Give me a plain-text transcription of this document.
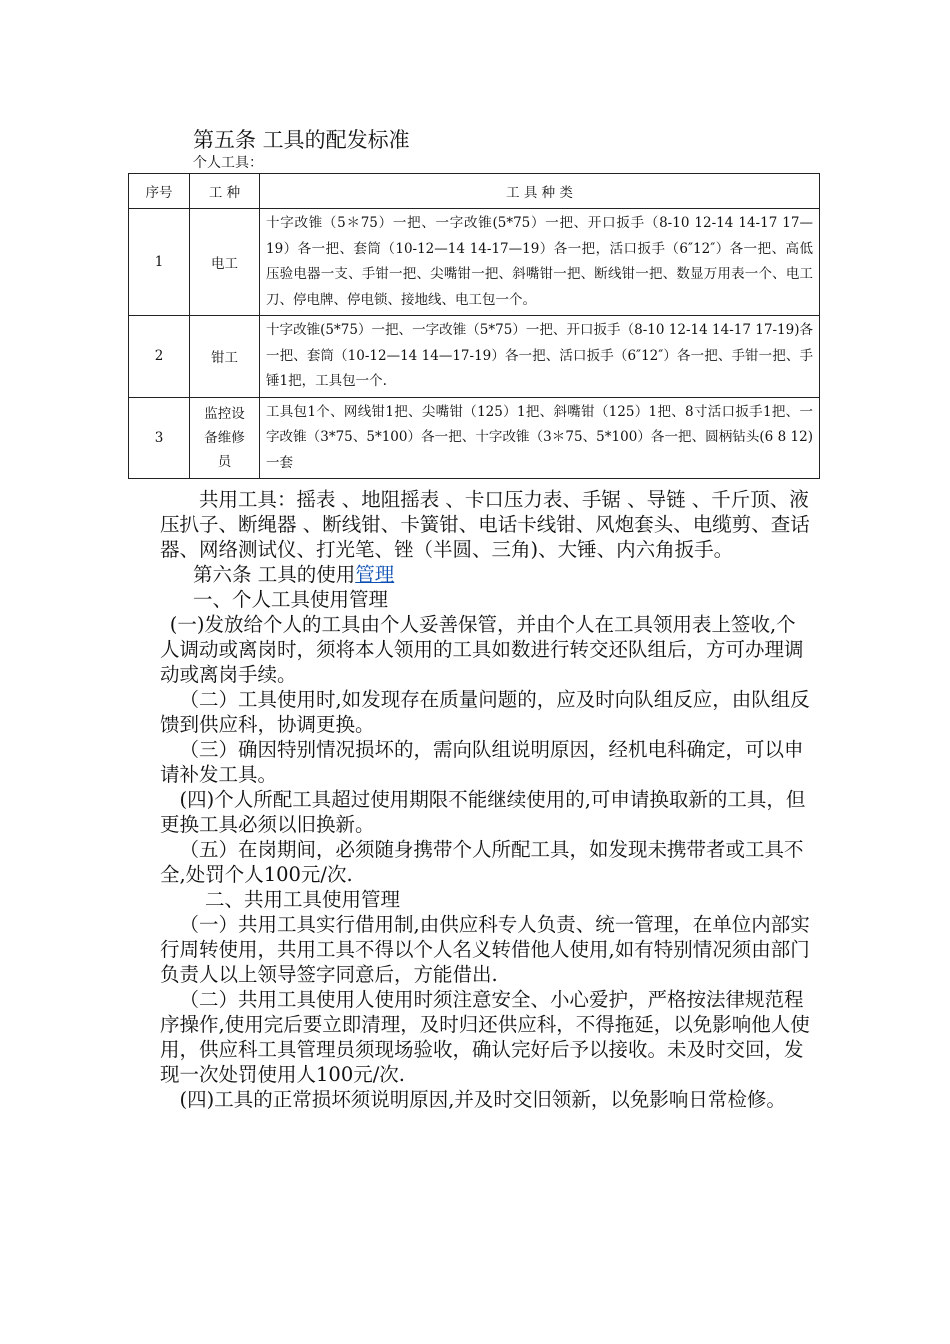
第五条 工具的配发标准
个人工具：
序号	工 种	工 具 种 类
1	电工	十字改锥（5＊75）一把、一字改锥(5*75）一把、开口扳手（8-10 12-14 14-17 17—19）各一把、套筒（10-12—14 14-17—19）各一把，活口扳手（6″12″）各一把、高低压验电器一支、手钳一把、尖嘴钳一把、斜嘴钳一把、断线钳一把、数显万用表一个、电工刀、停电牌、停电锁、接地线、电工包一个。
2	钳工	十字改锥(5*75）一把、一字改锥（5*75）一把、开口扳手（8-10 12-14 14-17 17-19)各一把、套筒（10-12—14 14—17-19）各一把、活口扳手（6″12″）各一把、手钳一把、手锤1把，工具包一个.
3	监控设备维修员	工具包1个、网线钳1把、尖嘴钳（125）1把、斜嘴钳（125）1把、8寸活口扳手1把、一字改锥（3*75、5*100）各一把、十字改锥（3＊75、5*100）各一把、圆柄钻头(6 8 12)一套

共用工具：摇表 、地阻摇表 、卡口压力表、手锯 、导链 、千斤顶、液压扒子、断绳器 、断线钳、卡簧钳、电话卡线钳、风炮套头、电缆剪、查话器、网络测试仪、打光笔、锉（半圆、三角)、大锤、内六角扳手。

第六条 工具的使用管理

一、个人工具使用管理

(一)发放给个人的工具由个人妥善保管，并由个人在工具领用表上签收,个人调动或离岗时，须将本人领用的工具如数进行转交还队组后，方可办理调动或离岗手续。

（二）工具使用时,如发现存在质量问题的，应及时向队组反应，由队组反馈到供应科，协调更换。

（三）确因特别情况损坏的，需向队组说明原因，经机电科确定，可以申请补发工具。

(四)个人所配工具超过使用期限不能继续使用的,可申请换取新的工具，但更换工具必须以旧换新。

（五）在岗期间，必须随身携带个人所配工具，如发现未携带者或工具不全,处罚个人100元/次.

二、共用工具使用管理

（一）共用工具实行借用制,由供应科专人负责、统一管理，在单位内部实行周转使用，共用工具不得以个人名义转借他人使用,如有特别情况须由部门负责人以上领导签字同意后，方能借出.

（二）共用工具使用人使用时须注意安全、小心爱护，严格按法律规范程序操作,使用完后要立即清理，及时归还供应科，不得拖延，以免影响他人使用，供应科工具管理员须现场验收，确认完好后予以接收。未及时交回，发现一次处罚使用人100元/次.

(四)工具的正常损坏须说明原因,并及时交旧领新，以免影响日常检修。
